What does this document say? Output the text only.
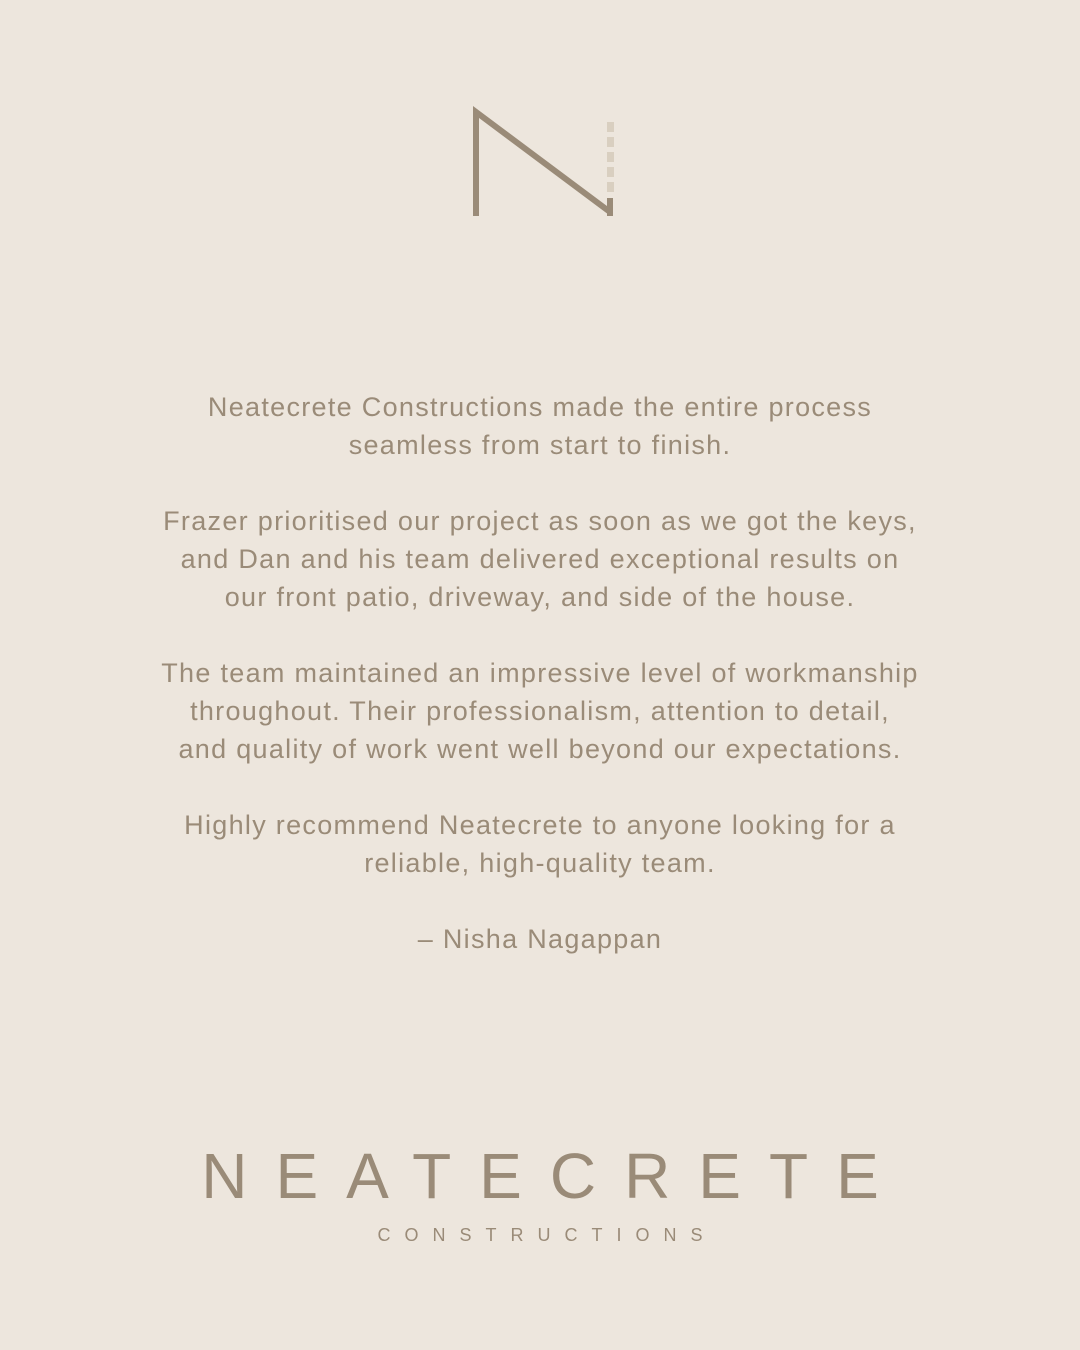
Neatecrete Constructions made the entire process
seamless from start to finish.

Frazer prioritised our project as soon as we got the keys,
and Dan and his team delivered exceptional results on
our front patio, driveway, and side of the house.

The team maintained an impressive level of workmanship
throughout. Their professionalism, attention to detail,
and quality of work went well beyond our expectations.

Highly recommend Neatecrete to anyone looking for a
reliable, high-quality team.

– Nisha Nagappan

NEATECRETE
CONSTRUCTIONS
